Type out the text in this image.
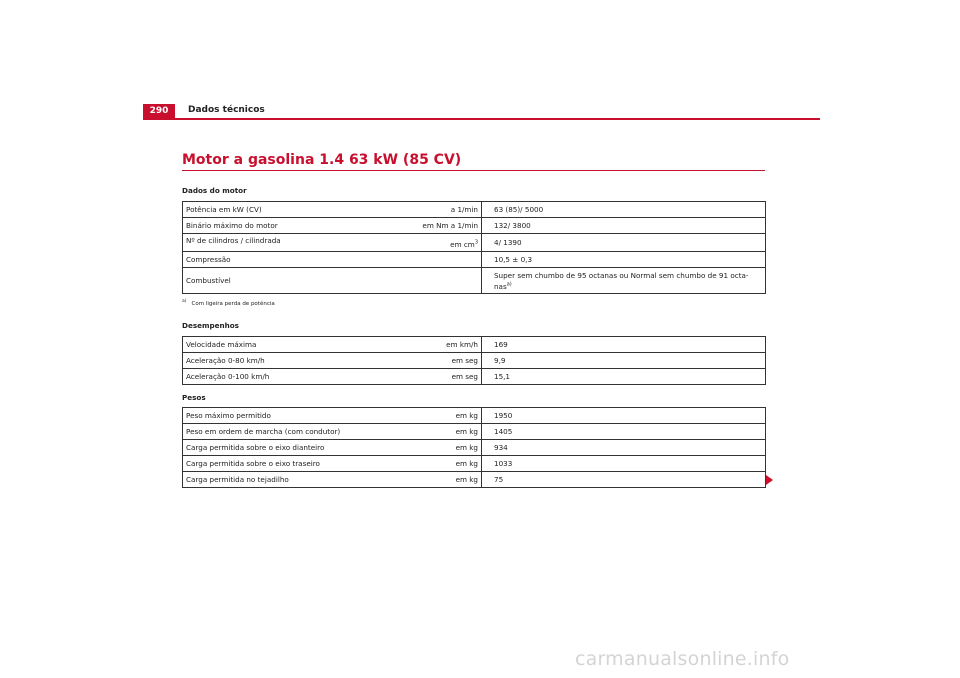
290	Dados técnicos
Motor a gasolina 1.4 63 kW (85 CV)
Dados do motor
Potência em kW (CV) a 1/min	63 (85)/ 5000

Binário máximo do motor em Nm a 1/min	132/ 3800

Nº de cilindros / cilindrada em $cm^3$	4/ 1390

Compressão	10,5 ± 0,3

Combustível	Super sem chumbo de 95 octanas ou Normal sem chumbo de 91 octa-
nas$^{a)}$
$^{a)}$ Com ligeira perda de potência
Desempenhos
Velocidade máxima em km/h	169

Aceleração 0-80 km/h em seg	9,9

Aceleração 0-100 km/h em seg	15,1
Pesos
Peso máximo permitido em kg	1950

Peso em ordem de marcha (com condutor) em kg	1405

Carga permitida sobre o eixo dianteiro em kg	934

Carga permitida sobre o eixo traseiro em kg	1033

Carga permitida no tejadilho em kg	75
carmanualsonline.info
